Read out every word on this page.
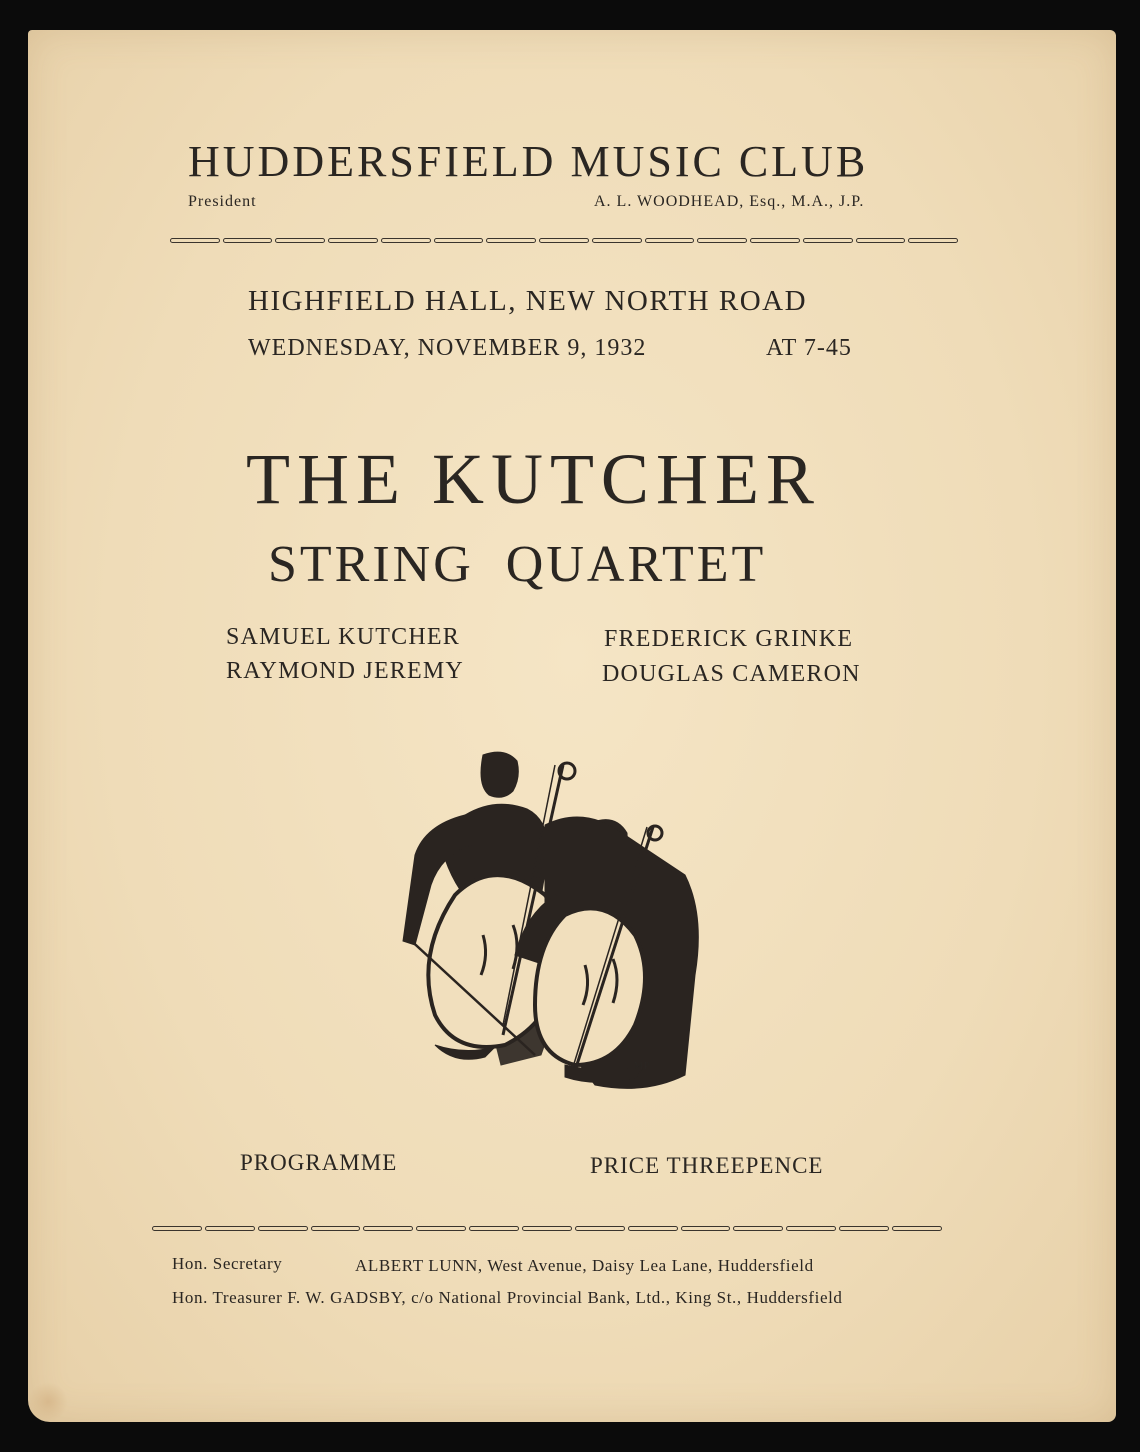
HUDDERSFIELD MUSIC CLUB
President	A. L. WOODHEAD, Esq., M.A., J.P.
HIGHFIELD HALL, NEW NORTH ROAD
WEDNESDAY, NOVEMBER 9, 1932	AT 7-45
THE KUTCHER
STRING  QUARTET
SAMUEL KUTCHER	FREDERICK GRINKE
RAYMOND JEREMY	DOUGLAS CAMERON
MP
PROGRAMME	PRICE THREEPENCE
Hon. Secretary	ALBERT LUNN, West Avenue, Daisy Lea Lane, Huddersfield
Hon. Treasurer F. W. GADSBY, c/o National Provincial Bank, Ltd., King St., Huddersfield
